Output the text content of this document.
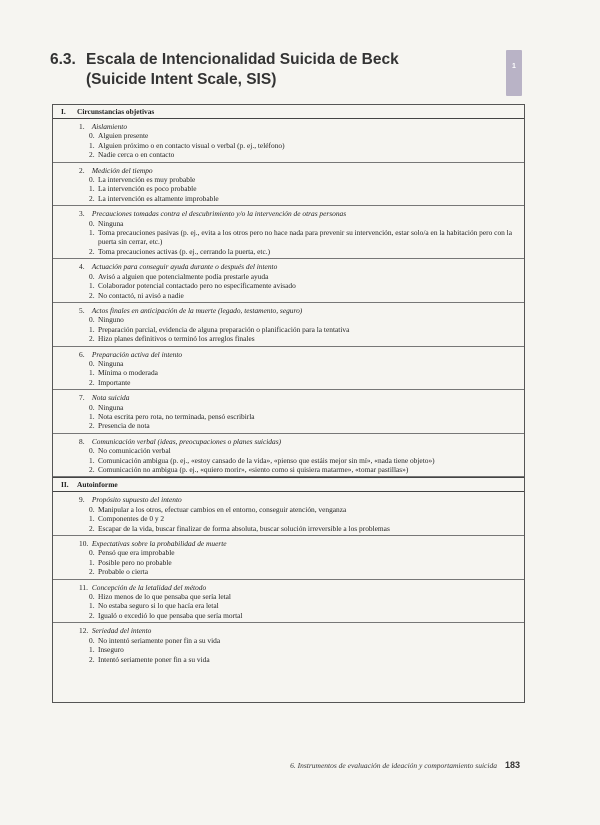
6.3. Escala de Intencionalidad Suicida de Beck
(Suicide Intent Scale, SIS)
1
I. Circunstancias objetivas
1. Aislamiento
0. Alguien presente
1. Alguien próximo o en contacto visual o verbal (p. ej., teléfono)
2. Nadie cerca o en contacto
2. Medición del tiempo
0. La intervención es muy probable
1. La intervención es poco probable
2. La intervención es altamente improbable
3. Precauciones tomadas contra el descubrimiento y/o la intervención de otras personas
0. Ninguna
1. Toma precauciones pasivas (p. ej., evita a los otros pero no hace nada para prevenir su intervención, estar solo/a en la habitación pero con la puerta sin cerrar, etc.)
2. Toma precauciones activas (p. ej., cerrando la puerta, etc.)
4. Actuación para conseguir ayuda durante o después del intento
0. Avisó a alguien que potencialmente podía prestarle ayuda
1. Colaborador potencial contactado pero no específicamente avisado
2. No contactó, ni avisó a nadie
5. Actos finales en anticipación de la muerte (legado, testamento, seguro)
0. Ninguno
1. Preparación parcial, evidencia de alguna preparación o planificación para la tentativa
2. Hizo planes definitivos o terminó los arreglos finales
6. Preparación activa del intento
0. Ninguna
1. Mínima o moderada
2. Importante
7. Nota suicida
0. Ninguna
1. Nota escrita pero rota, no terminada, pensó escribirla
2. Presencia de nota
8. Comunicación verbal (ideas, preocupaciones o planes suicidas)
0. No comunicación verbal
1. Comunicación ambigua (p. ej., «estoy cansado de la vida», «pienso que estáis mejor sin mí», «nada tiene objeto»)
2. Comunicación no ambigua (p. ej., «quiero morir», «siento como si quisiera matarme», «tomar pastillas»)
II. Autoinforme
9. Propósito supuesto del intento
0. Manipular a los otros, efectuar cambios en el entorno, conseguir atención, venganza
1. Componentes de 0 y 2
2. Escapar de la vida, buscar finalizar de forma absoluta, buscar solución irreversible a los problemas
10. Expectativas sobre la probabilidad de muerte
0. Pensó que era improbable
1. Posible pero no probable
2. Probable o cierta
11. Concepción de la letalidad del método
0. Hizo menos de lo que pensaba que sería letal
1. No estaba seguro si lo que hacía era letal
2. Igualó o excedió lo que pensaba que sería mortal
12. Seriedad del intento
0. No intentó seriamente poner fin a su vida
1. Inseguro
2. Intentó seriamente poner fin a su vida
6. Instrumentos de evaluación de ideación y comportamiento suicida 183
